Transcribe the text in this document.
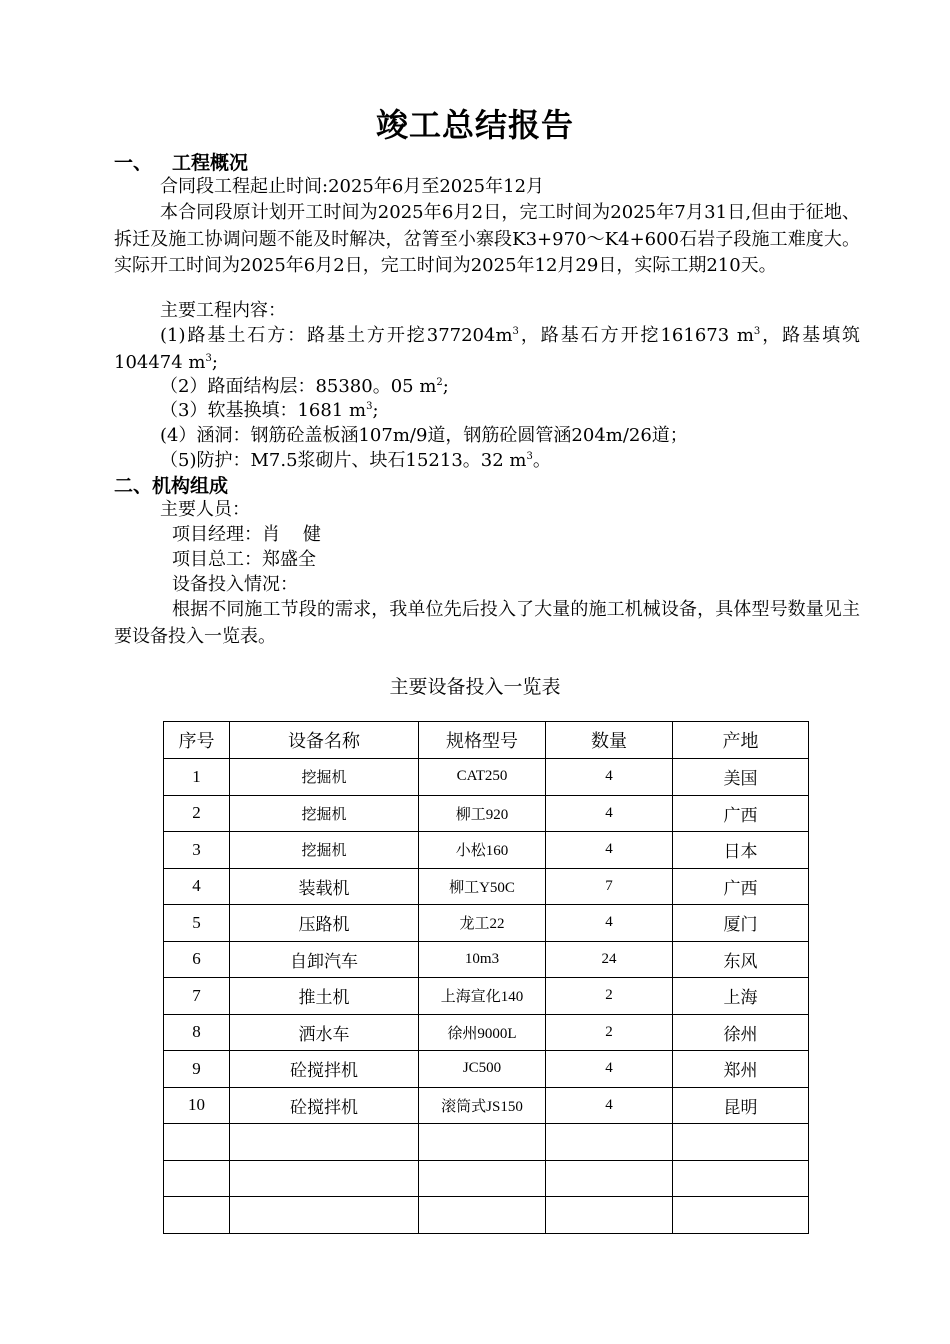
竣工总结报告
一、 工程概况
合同段工程起止时间:2025年6月至2025年12月
本合同段原计划开工时间为2025年6月2日，完工时间为2025年7月31日,但由于征地、拆迁及施工协调问题不能及时解决，岔箐至小寨段K3+970～K4+600石岩子段施工难度大。实际开工时间为2025年6月2日，完工时间为2025年12月29日，实际工期210天。
主要工程内容：
(1)路基土石方：路基土方开挖$377204m^3$，路基石方开挖161673 $m^3$，路基填筑104474 $m^3$;
（2）路面结构层：85380。05 $m^2$;
（3）软基换填：1681 $m^3$;
(4）涵洞：钢筋砼盖板涵107m/9道，钢筋砼圆管涵204m/26道；
（5)防护：M7.5浆砌片、块石15213。32 $m^3$。
二、机构组成
主要人员：
项目经理：肖    健
项目总工：郑盛全
设备投入情况：
根据不同施工节段的需求，我单位先后投入了大量的施工机械设备，具体型号数量见主要设备投入一览表。
主要设备投入一览表
序号	设备名称	规格型号	数量	产地
1	挖掘机	CAT250	4	美国
2	挖掘机	柳工920	4	广西
3	挖掘机	小松160	4	日本
4	装载机	柳工Y50C	7	广西
5	压路机	龙工22	4	厦门
6	自卸汽车	10m3	24	东风
7	推土机	上海宣化140	2	上海
8	洒水车	徐州9000L	2	徐州
9	砼搅拌机	JC500	4	郑州
10	砼搅拌机	滚筒式JS150	4	昆明
